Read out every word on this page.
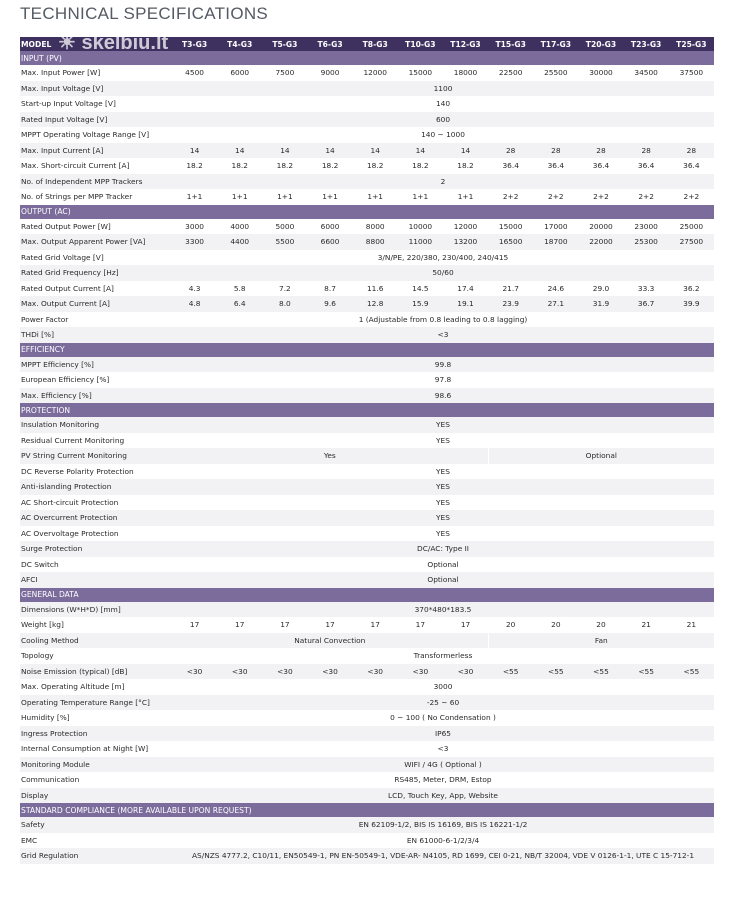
TECHNICAL SPECIFICATIONS
MODEL	T3-G3	T4-G3	T5-G3	T6-G3	T8-G3	T10-G3	T12-G3	T15-G3	T17-G3	T20-G3	T23-G3	T25-G3
INPUT (PV)												
Max. Input Power [W]	4500	6000	7500	9000	12000	15000	18000	22500	25500	30000	34500	37500
Max. Input Voltage [V]	1100											
Start-up Input Voltage [V]	140											
Rated Input Voltage [V]	600											
MPPT Operating Voltage Range [V]	140 ~ 1000											
Max. Input Current [A]	14	14	14	14	14	14	14	28	28	28	28	28
Max. Short-circuit Current [A]	18.2	18.2	18.2	18.2	18.2	18.2	18.2	36.4	36.4	36.4	36.4	36.4
No. of Independent MPP Trackers	2											
No. of Strings per MPP Tracker	1+1	1+1	1+1	1+1	1+1	1+1	1+1	2+2	2+2	2+2	2+2	2+2
OUTPUT (AC)												
Rated Output Power [W]	3000	4000	5000	6000	8000	10000	12000	15000	17000	20000	23000	25000
Max. Output Apparent Power [VA]	3300	4400	5500	6600	8800	11000	13200	16500	18700	22000	25300	27500
Rated Grid Voltage [V]	3/N/PE, 220/380, 230/400, 240/415											
Rated Grid Frequency [Hz]	50/60											
Rated Output Current [A]	4.3	5.8	7.2	8.7	11.6	14.5	17.4	21.7	24.6	29.0	33.3	36.2
Max. Output Current [A]	4.8	6.4	8.0	9.6	12.8	15.9	19.1	23.9	27.1	31.9	36.7	39.9
Power Factor	1 (Adjustable from 0.8 leading to 0.8 lagging)											
THDi [%]	<3											
EFFICIENCY												
MPPT Efficiency [%]	99.8											
European Efficiency [%]	97.8											
Max. Efficiency [%]	98.6											
PROTECTION												
Insulation Monitoring	YES											
Residual Current Monitoring	YES											
PV String Current Monitoring	Yes							Optional				
DC Reverse Polarity Protection	YES											
Anti-islanding Protection	YES											
AC Short-circuit Protection	YES											
AC Overcurrent Protection	YES											
AC Overvoltage Protection	YES											
Surge Protection	DC/AC: Type II											
DC Switch	Optional											
AFCI	Optional											
GENERAL DATA												
Dimensions (W*H*D) [mm]	370*480*183.5											
Weight [kg]	17	17	17	17	17	17	17	20	20	20	21	21
Cooling Method	Natural Convection							Fan				
Topology	Transformerless											
Noise Emission (typical) [dB]	<30	<30	<30	<30	<30	<30	<30	<55	<55	<55	<55	<55
Max. Operating Altitude [m]	3000											
Operating Temperature Range [°C]	-25 ~ 60											
Humidity [%]	0 ~ 100 ( No Condensation )											
Ingress Protection	IP65											
Internal Consumption at Night [W]	<3											
Monitoring Module	WIFI / 4G ( Optional )											
Communication	RS485, Meter, DRM, Estop											
Display	LCD, Touch Key, App, Website											
STANDARD COMPLIANCE (MORE AVAILABLE UPON REQUEST)												
Safety	EN 62109-1/2, BIS IS 16169, BIS IS 16221-1/2											
EMC	EN 61000-6-1/2/3/4											
Grid Regulation	AS/NZS 4777.2, C10/11, EN50549-1, PN EN-50549-1, VDE-AR- N4105, RD 1699, CEI 0-21, NB/T 32004, VDE V 0126-1-1, UTE C 15-712-1											
☀ skelbiu.lt
